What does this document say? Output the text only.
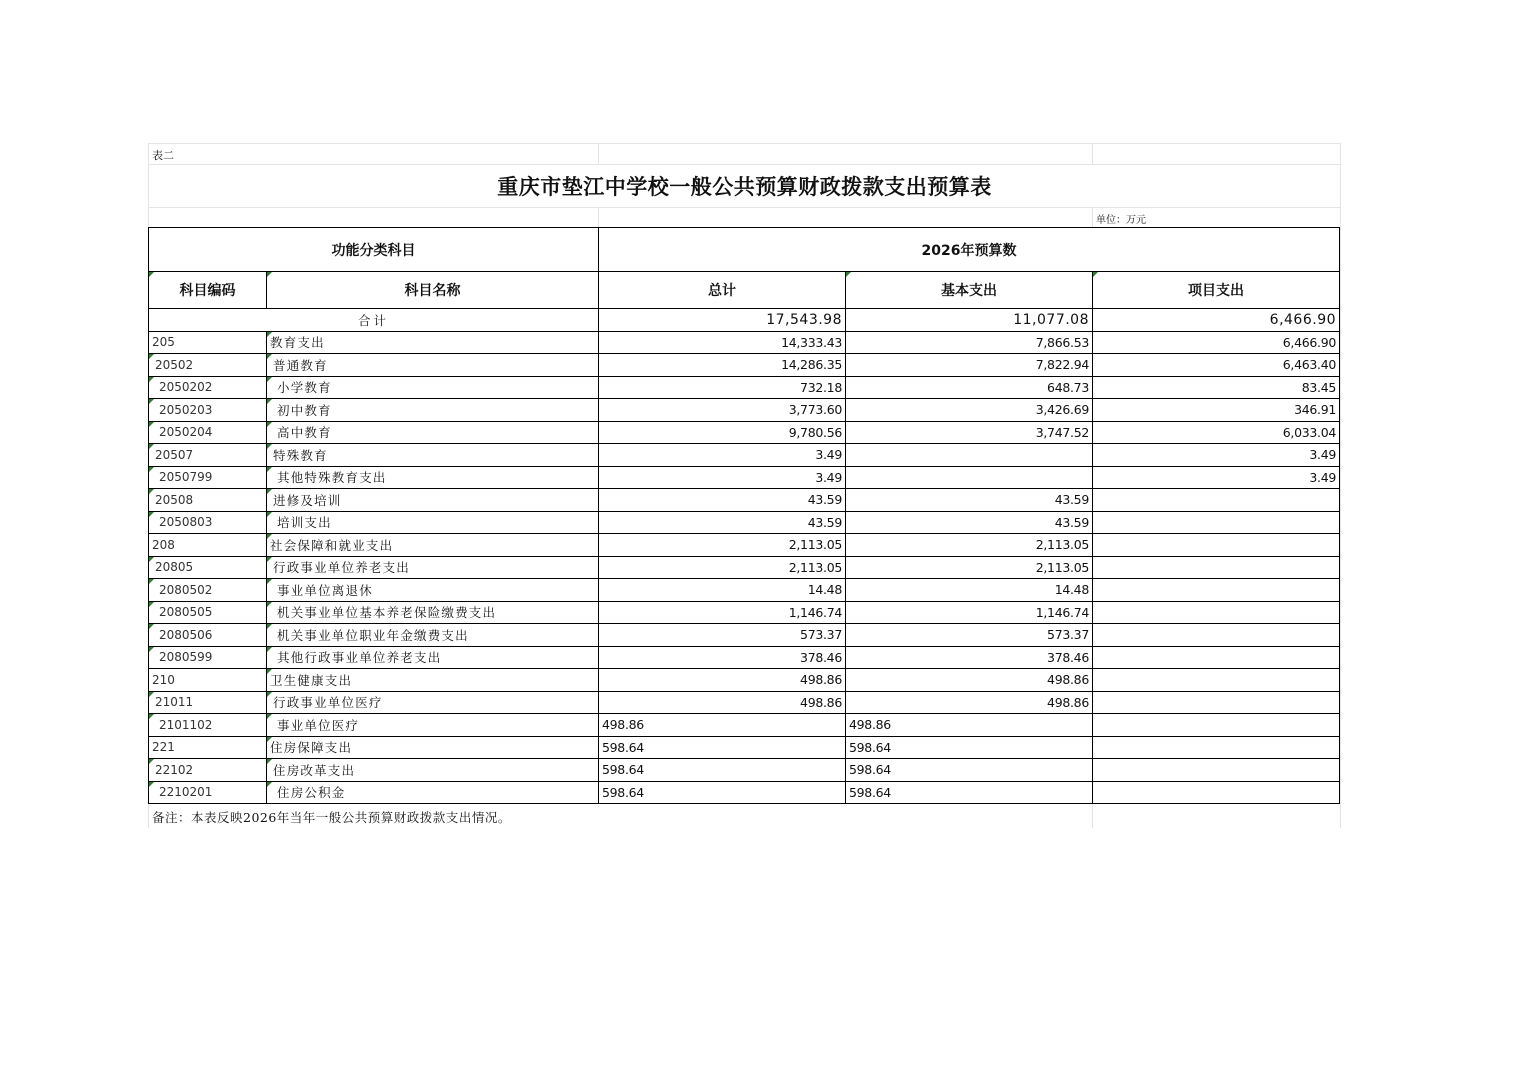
表二
重庆市垫江中学校一般公共预算财政拨款支出预算表
单位：万元
功能分类科目		2026年预算数		
科目编码	科目名称	总计	基本支出	项目支出
合计		17,543.98	11,077.08	6,466.90
205	教育支出	14,333.43	7,866.53	6,466.90
20502	普通教育	14,286.35	7,822.94	6,463.40
2050202	小学教育	732.18	648.73	83.45
2050203	初中教育	3,773.60	3,426.69	346.91
2050204	高中教育	9,780.56	3,747.52	6,033.04
20507	特殊教育	3.49		3.49
2050799	其他特殊教育支出	3.49		3.49
20508	进修及培训	43.59	43.59	
2050803	培训支出	43.59	43.59	
208	社会保障和就业支出	2,113.05	2,113.05	
20805	行政事业单位养老支出	2,113.05	2,113.05	
2080502	事业单位离退休	14.48	14.48	
2080505	机关事业单位基本养老保险缴费支出	1,146.74	1,146.74	
2080506	机关事业单位职业年金缴费支出	573.37	573.37	
2080599	其他行政事业单位养老支出	378.46	378.46	
210	卫生健康支出	498.86	498.86	
21011	行政事业单位医疗	498.86	498.86	
2101102	事业单位医疗	498.86	498.86	
221	住房保障支出	598.64	598.64	
22102	住房改革支出	598.64	598.64	
2210201	住房公积金	598.64	598.64	
备注：本表反映2026年当年一般公共预算财政拨款支出情况。
